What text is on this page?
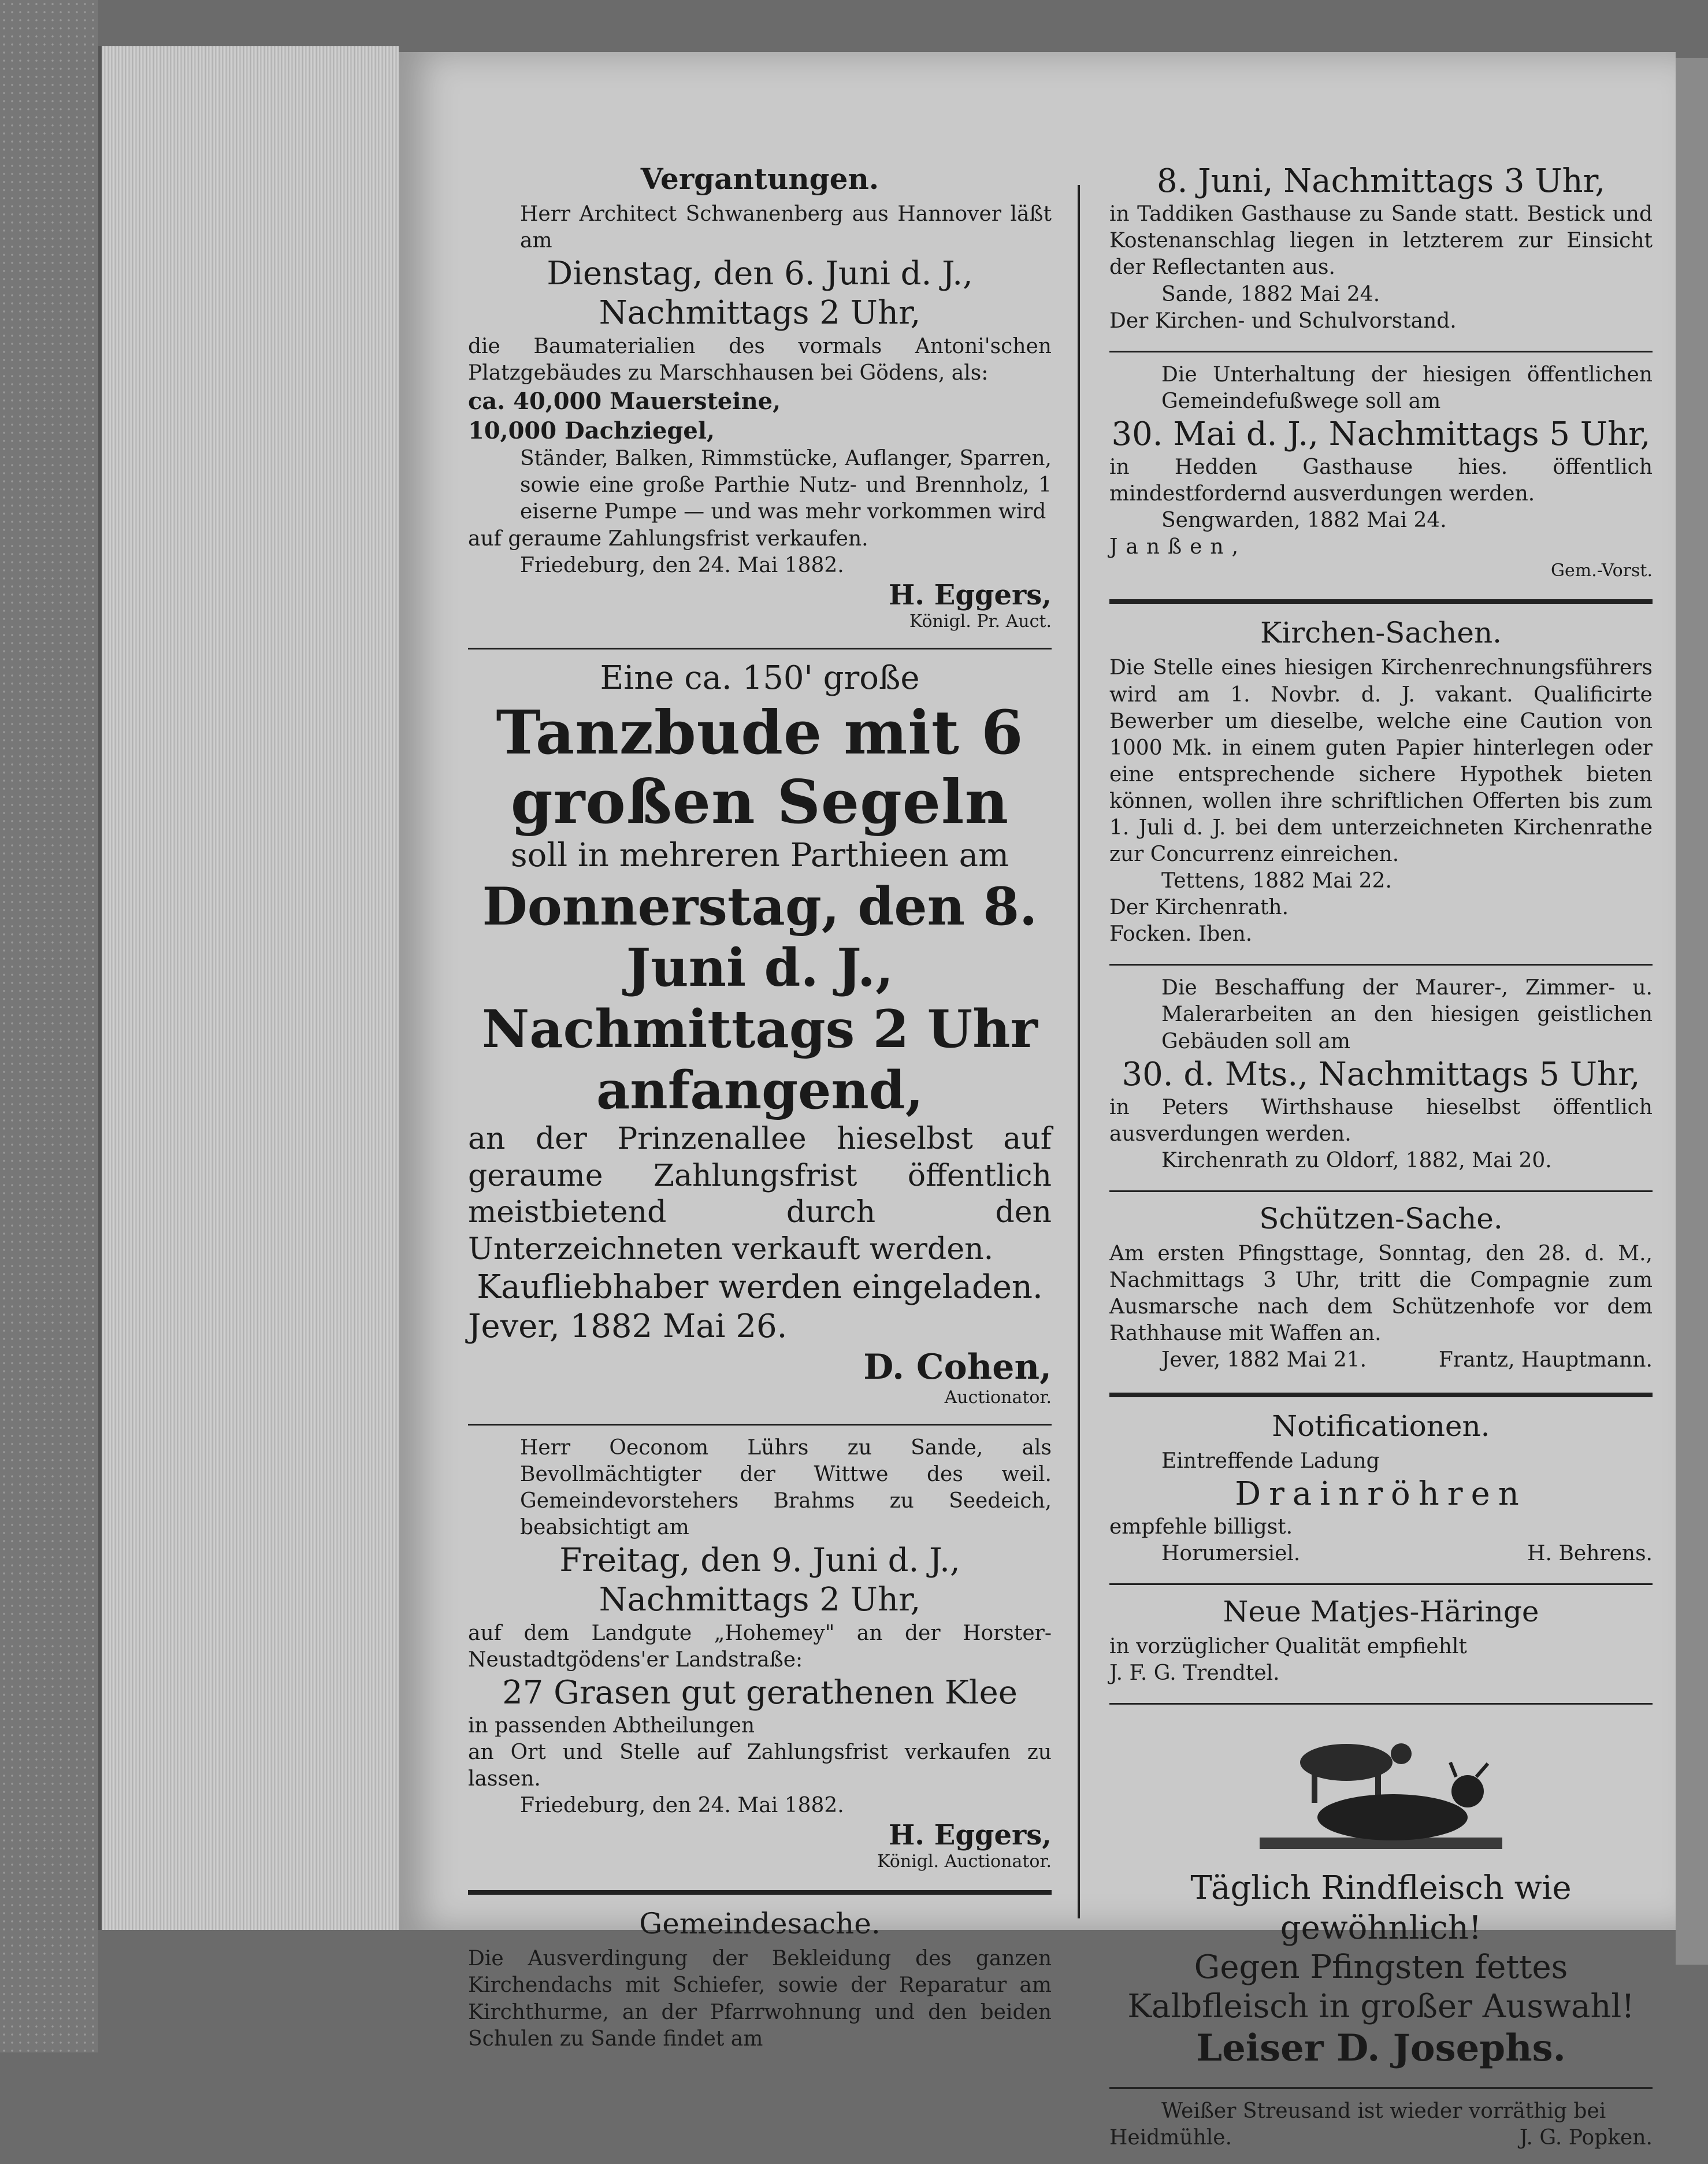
Vergantungen.
Herr Architect Schwanenberg aus Hannover läßt am
Dienstag, den 6. Juni d. J.,
Nachmittags 2 Uhr,
die Baumaterialien des vormals Antoni'schen Platzgebäudes zu Marschhausen bei Gödens, als:
ca. 40,000 Mauersteine,
10,000 Dachziegel,
Ständer, Balken, Rimmstücke, Auflanger, Sparren, sowie eine große Parthie Nutz- und Brennholz, 1 eiserne Pumpe — und was mehr vorkommen wird
auf geraume Zahlungsfrist verkaufen.
Friedeburg, den 24. Mai 1882.
H. Eggers,
Königl. Pr. Auct.
Eine ca. 150' große
Tanzbude mit 6 großen Segeln
soll in mehreren Parthieen am
Donnerstag, den 8. Juni d. J., Nachmittags 2 Uhr anfangend,
an der Prinzenallee hieselbst auf geraume Zahlungsfrist öffentlich meistbietend durch den Unterzeichneten verkauft werden.
Kaufliebhaber werden eingeladen.
Jever, 1882 Mai 26.
D. Cohen,
Auctionator.
Herr Oeconom Lührs zu Sande, als Bevollmächtigter der Wittwe des weil. Gemeindevorstehers Brahms zu Seedeich, beabsichtigt am
Freitag, den 9. Juni d. J.,
Nachmittags 2 Uhr,
auf dem Landgute „Hohemey" an der Horster-Neustadtgödens'er Landstraße:
27 Grasen gut gerathenen Klee
in passenden Abtheilungen
an Ort und Stelle auf Zahlungsfrist verkaufen zu lassen.
Friedeburg, den 24. Mai 1882.
H. Eggers,
Königl. Auctionator.
Gemeindesache.
Die Ausverdingung der Bekleidung des ganzen Kirchendachs mit Schiefer, sowie der Reparatur am Kirchthurme, an der Pfarrwohnung und den beiden Schulen zu Sande findet am
8. Juni, Nachmittags 3 Uhr,
in Taddiken Gasthause zu Sande statt. Bestick und Kostenanschlag liegen in letzterem zur Einsicht der Reflectanten aus.
Sande, 1882 Mai 24.
Der Kirchen- und Schulvorstand.
Die Unterhaltung der hiesigen öffentlichen Gemeindefußwege soll am
30. Mai d. J., Nachmittags 5 Uhr,
in Hedden Gasthause hies. öffentlich mindestfordernd ausverdungen werden.
Sengwarden, 1882 Mai 24.
Janßen,
Gem.-Vorst.
Kirchen-Sachen.
Die Stelle eines hiesigen Kirchenrechnungsführers wird am 1. Novbr. d. J. vakant. Qualificirte Bewerber um dieselbe, welche eine Caution von 1000 Mk. in einem guten Papier hinterlegen oder eine entsprechende sichere Hypothek bieten können, wollen ihre schriftlichen Offerten bis zum 1. Juli d. J. bei dem unterzeichneten Kirchenrathe zur Concurrenz einreichen.
Tettens, 1882 Mai 22.
Der Kirchenrath.
Focken. Iben.
Die Beschaffung der Maurer-, Zimmer- u. Malerarbeiten an den hiesigen geistlichen Gebäuden soll am
30. d. Mts., Nachmittags 5 Uhr,
in Peters Wirthshause hieselbst öffentlich ausverdungen werden.
Kirchenrath zu Oldorf, 1882, Mai 20.
Schützen-Sache.
Am ersten Pfingsttage, Sonntag, den 28. d. M., Nachmittags 3 Uhr, tritt die Compagnie zum Ausmarsche nach dem Schützenhofe vor dem Rathhause mit Waffen an.
Jever, 1882 Mai 21.	Frantz, Hauptmann.
Notificationen.
Eintreffende Ladung
Drainröhren
empfehle billigst.
Horumersiel.	H. Behrens.
Neue Matjes-Häringe
in vorzüglicher Qualität empfiehlt
J. F. G. Trendtel.
Täglich Rindfleisch wie gewöhnlich!
Gegen Pfingsten fettes Kalbfleisch in großer Auswahl!
Leiser D. Josephs.
Weißer Streusand ist wieder vorräthig bei
Heidmühle.	J. G. Popken.
